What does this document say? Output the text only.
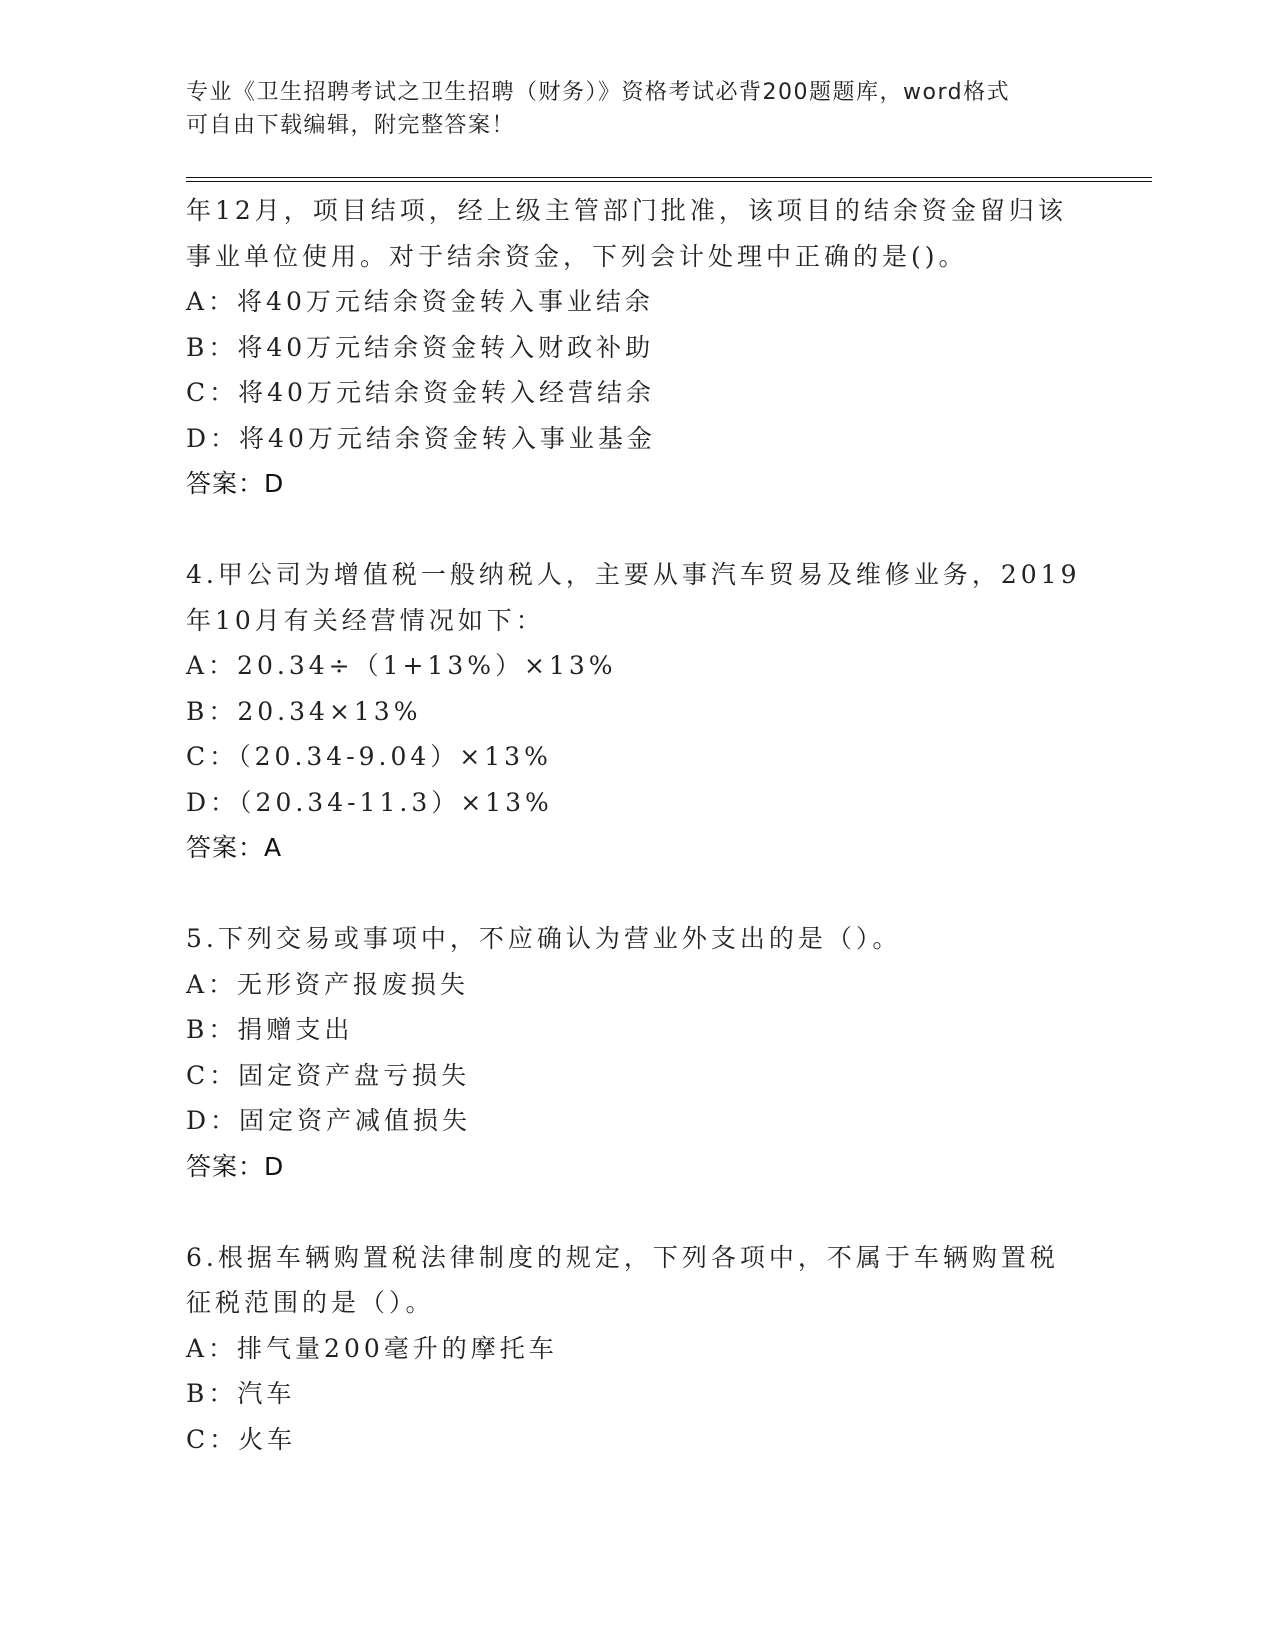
专业《卫生招聘考试之卫生招聘（财务）》资格考试必背200题题库，word格式
可自由下载编辑，附完整答案！
年12月，项目结项，经上级主管部门批准，该项目的结余资金留归该
事业单位使用。对于结余资金，下列会计处理中正确的是()。
A：将40万元结余资金转入事业结余
B：将40万元结余资金转入财政补助
C：将40万元结余资金转入经营结余
D：将40万元结余资金转入事业基金
答案：D
4.甲公司为增值税一般纳税人，主要从事汽车贸易及维修业务，2019
年10月有关经营情况如下：
A：20.34÷（1+13%）×13%
B：20.34×13%
C：（20.34-9.04）×13%
D：（20.34-11.3）×13%
答案：A
5.下列交易或事项中，不应确认为营业外支出的是（）。
A：无形资产报废损失
B：捐赠支出
C：固定资产盘亏损失
D：固定资产减值损失
答案：D
6.根据车辆购置税法律制度的规定，下列各项中，不属于车辆购置税
征税范围的是（）。
A：排气量200毫升的摩托车
B：汽车
C：火车
